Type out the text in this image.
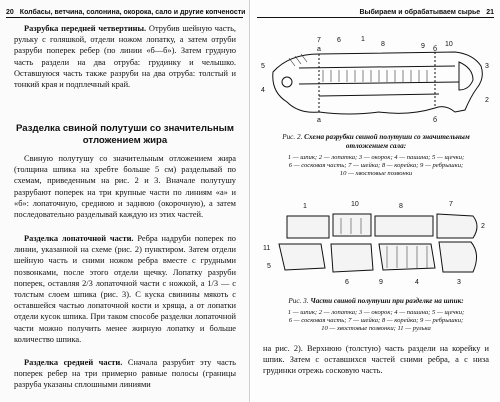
20 Колбасы, ветчина, солонина, окорока, сало и другие копчености

Разрубка передней четвертины. Отрубив шейную часть, рульку с голяшкой, отдели ножом лопатку, а затем отруби разруби поперек ребер (по линии «б—б»). Затем грудную часть раздели на два отруба: грудинку и челышко. Оставшуюся часть также разруби на два отруба: толстый и тонкий края и подплечный край.

Разделка свиной полутуши со значительным отложением жира

Свиную полутушу со значительным отложением жира (толщина шпика на хребте больше 5 см) разделывай по схемам, приведенным на рис. 2 и 3. Вначале полутушу разрубают поперек на три крупные части по линиям «а» и «б»: лопаточную, среднюю и заднюю (окорочную), а затем последовательно разделывай каждую из этих частей.

Разделка лопаточной части. Ребра надруби поперек по линии, указанной на схеме (рис. 2) пунктиром. Затем отдели шейную часть и сними ножом ребра вместе с грудными позвонками, после этого отдели щечку. Лопатку разруби поперек, оставляя 2/3 лопаточной части с ножкой, а 1/3 — с толстым слоем шпика (рис. 3). С куска свинины мякоть с оставшейся частью лопаточной кости и хряща, а от лопатки отдели кусок шпика. При таком способе разделки лопаточной части можно получить менее жирную лопатку и больше количество шпика.

Разделка средней части. Сначала разрубит эту часть поперек ребер на три примерно равные полосы (границы разруба указаны сплошными линиями

Выбираем и обрабатываем сырье 21
7 6	1
8	9	10
5
4
3
2
а
а
б
б

Рис. 2. Схема разрубки свиной полутуши со значительным отложением сала:

1 — шпик; 2 — лопатка; 3 — окорок; 4 — пашина; 5 — щечки;

6 — сосковая часть; 7 — шейка; 8 — корейка; 9 — ребрышки;

10 — хвостовые позвонки

1	10	8	7
2
11
5
6	9	4	3

Рис. 3. Части свиной полутуши при разделке на шпик:

1 — шпик; 2 — лопатка; 3 — окорок; 4 — пашина; 5 — щечки;

6 — сосковая часть; 7 — шейка; 8 — корейка; 9 — ребрышки;

10 — хвостовые позвонки; 11 — рулька

на рис. 2). Верхнюю (толстую) часть раздели на корейку и шпик. Затем с оставшихся частей сними ребра, а с низа грудинки отрежь сосковую часть.
